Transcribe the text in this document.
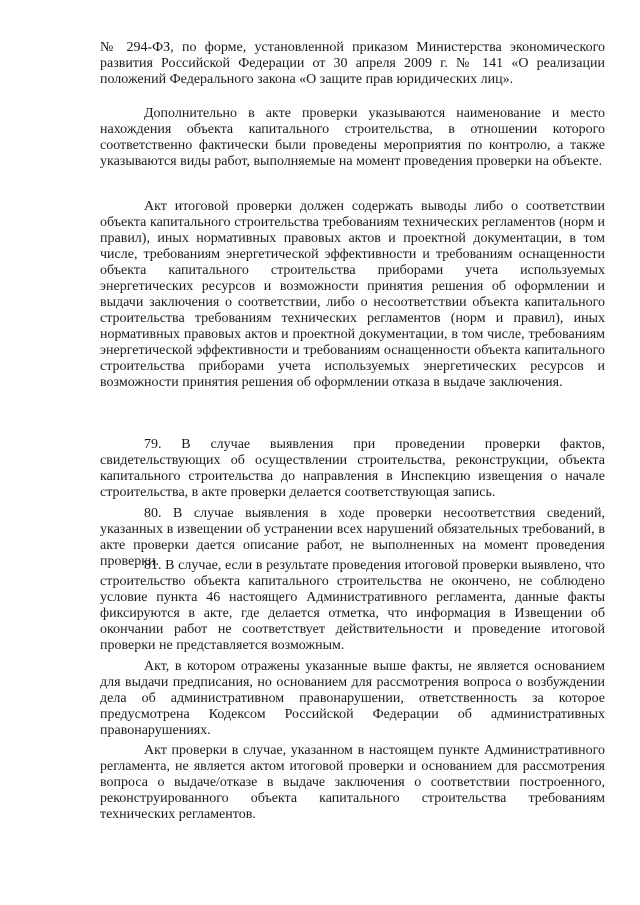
№ 294-ФЗ, по форме, установленной приказом Министерства экономического развития Российской Федерации от 30 апреля 2009 г. № 141 «О реализации положений Федерального закона «О защите прав юридических лиц».

Дополнительно в акте проверки указываются наименование и место нахождения объекта капитального строительства, в отношении которого соответственно фактически были проведены мероприятия по контролю, а также указываются виды работ, выполняемые на момент проведения проверки на объекте.

Акт итоговой проверки должен содержать выводы либо о соответствии объекта капитального строительства требованиям технических регламентов (норм и правил), иных нормативных правовых актов и проектной документации, в том числе, требованиям энергетической эффективности и требованиям оснащенности объекта капитального строительства приборами учета используемых энергетических ресурсов и возможности принятия решения об оформлении и выдачи заключения о соответствии, либо о несоответствии объекта капитального строительства требованиям технических регламентов (норм и правил), иных нормативных правовых актов и проектной документации, в том числе, требованиям энергетической эффективности и требованиям оснащенности объекта капитального строительства приборами учета используемых энергетических ресурсов и возможности принятия решения об оформлении отказа в выдаче заключения.

79. В случае выявления при проведении проверки фактов, свидетельствующих об осуществлении строительства, реконструкции, объекта капитального строительства до направления в Инспекцию извещения о начале строительства, в акте проверки делается соответствующая запись.

80. В случае выявления в ходе проверки несоответствия сведений, указанных в извещении об устранении всех нарушений обязательных требований, в акте проверки дается описание работ, не выполненных на момент проведения проверки.

81. В случае, если в результате проведения итоговой проверки выявлено, что строительство объекта капитального строительства не окончено, не соблюдено условие пункта 46 настоящего Административного регламента, данные факты фиксируются в акте, где делается отметка, что информация в Извещении об окончании работ не соответствует действительности и проведение итоговой проверки не представляется возможным.

Акт, в котором отражены указанные выше факты, не является основанием для выдачи предписания, но основанием для рассмотрения вопроса о возбуждении дела об административном правонарушении, ответственность за которое предусмотрена Кодексом Российской Федерации об административных правонарушениях.

Акт проверки в случае, указанном в настоящем пункте Административного регламента, не является актом итоговой проверки и основанием для рассмотрения вопроса о выдаче/отказе в выдаче заключения о соответствии построенного, реконструированного объекта капитального строительства требованиям технических регламентов.
